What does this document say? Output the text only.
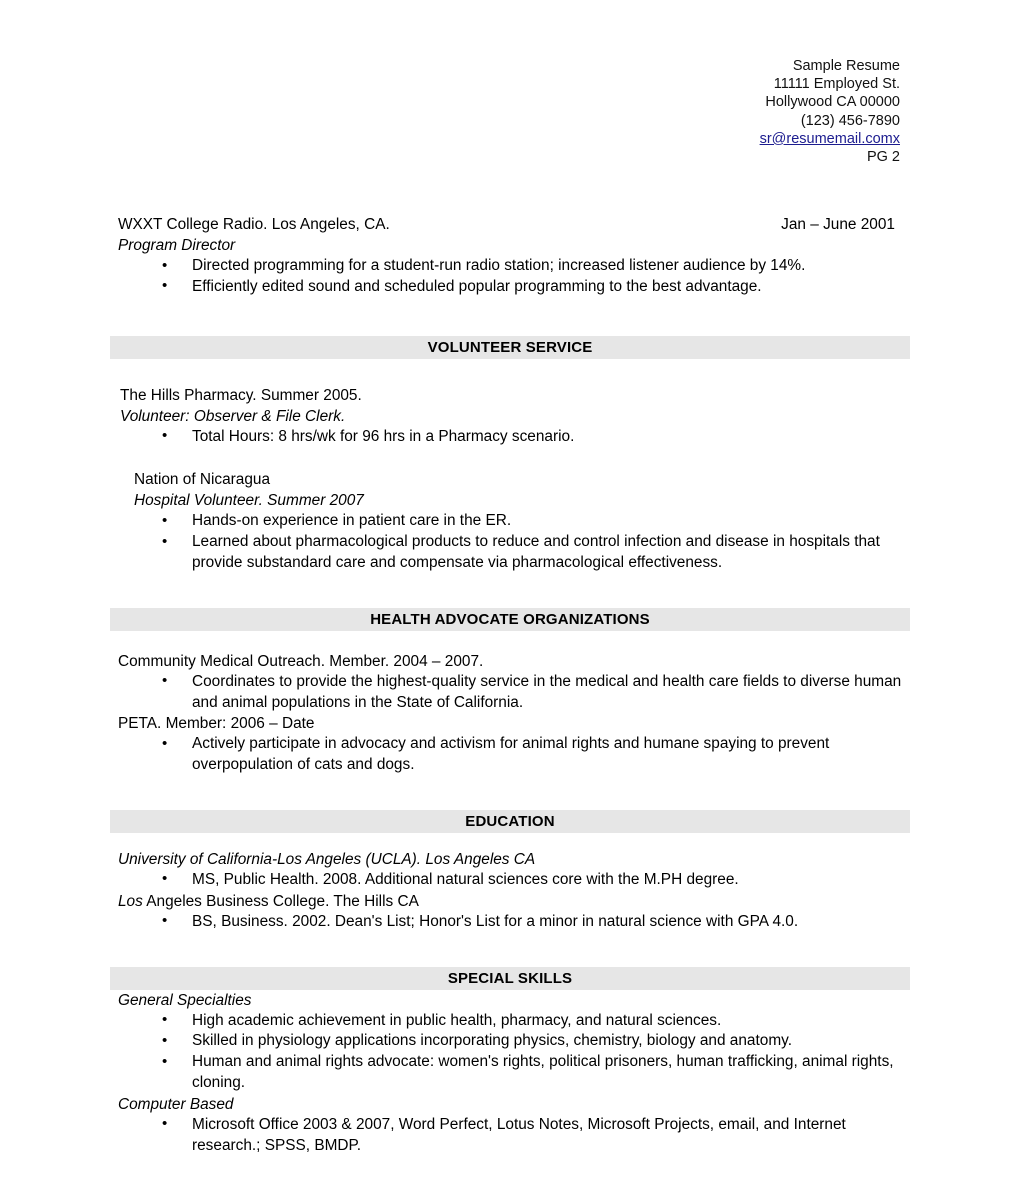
Sample Resume
11111 Employed St.
Hollywood CA 00000
(123) 456-7890
sr@resumemail.comx
PG 2
WXXT College Radio. Los Angeles, CA.	Jan – June 2001
Program Director
• Directed programming for a student-run radio station; increased listener audience by 14%.
• Efficiently edited sound and scheduled popular programming to the best advantage.
VOLUNTEER SERVICE
The Hills Pharmacy. Summer 2005.
Volunteer: Observer & File Clerk.
• Total Hours: 8 hrs/wk for 96 hrs in a Pharmacy scenario.
Nation of Nicaragua
Hospital Volunteer. Summer 2007
• Hands-on experience in patient care in the ER.
• Learned about pharmacological products to reduce and control infection and disease in hospitals that provide substandard care and compensate via pharmacological effectiveness.
HEALTH ADVOCATE ORGANIZATIONS
Community Medical Outreach. Member. 2004 – 2007.
• Coordinates to provide the highest-quality service in the medical and health care fields to diverse human and animal populations in the State of California.
PETA. Member: 2006 – Date
• Actively participate in advocacy and activism for animal rights and humane spaying to prevent overpopulation of cats and dogs.
EDUCATION
University of California-Los Angeles (UCLA). Los Angeles CA
• MS, Public Health. 2008. Additional natural sciences core with the M.PH degree.
Los Angeles Business College. The Hills CA
• BS, Business. 2002. Dean's List; Honor's List for a minor in natural science with GPA 4.0.
SPECIAL SKILLS
General Specialties
• High academic achievement in public health, pharmacy, and natural sciences.
• Skilled in physiology applications incorporating physics, chemistry, biology and anatomy.
• Human and animal rights advocate: women's rights, political prisoners, human trafficking, animal rights, cloning.
Computer Based
• Microsoft Office 2003 & 2007, Word Perfect, Lotus Notes, Microsoft Projects, email, and Internet research.; SPSS, BMDP.
